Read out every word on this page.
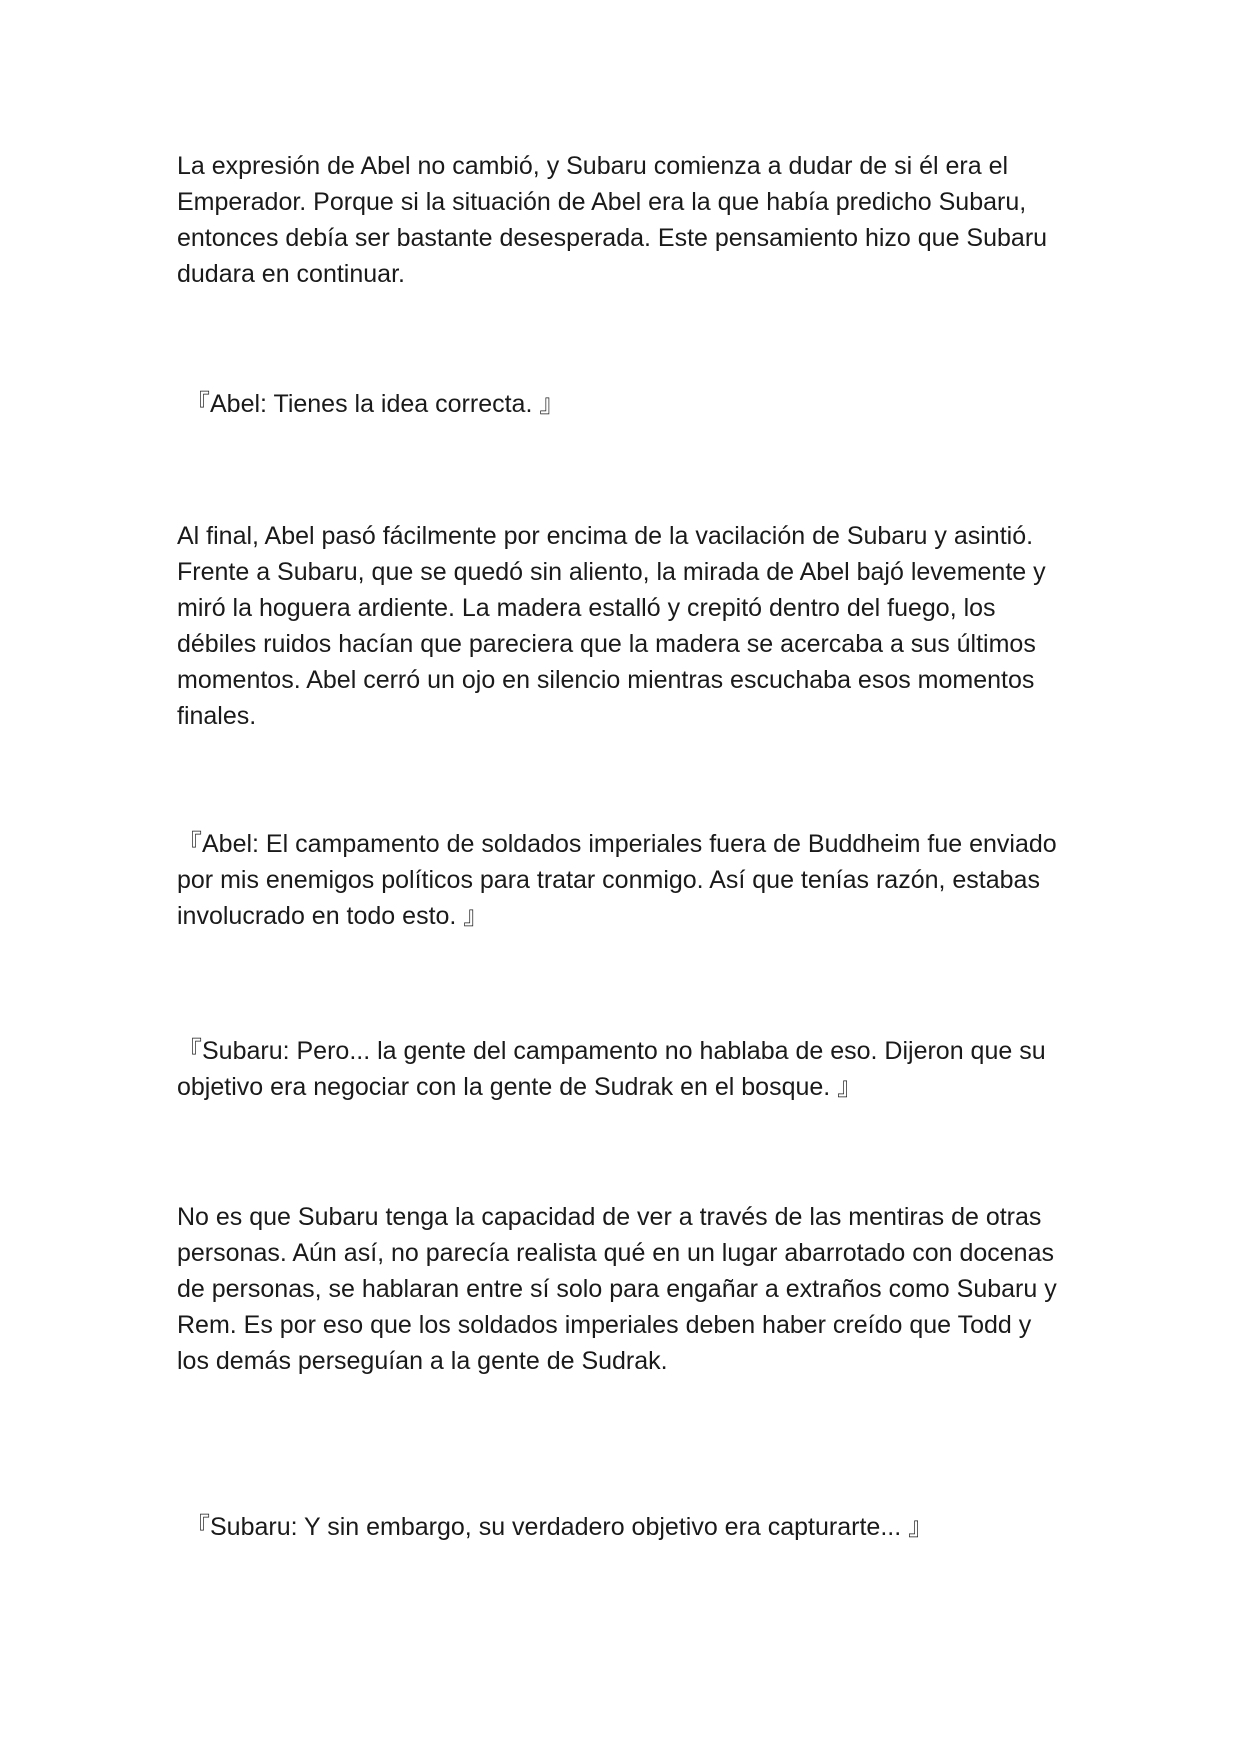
La expresión de Abel no cambió, y Subaru comienza a dudar de si él era el Emperador. Porque si la situación de Abel era la que había predicho Subaru, entonces debía ser bastante desesperada. Este pensamiento hizo que Subaru dudara en continuar.

『Abel: Tienes la idea correcta. 』

Al final, Abel pasó fácilmente por encima de la vacilación de Subaru y asintió. Frente a Subaru, que se quedó sin aliento, la mirada de Abel bajó levemente y miró la hoguera ardiente. La madera estalló y crepitó dentro del fuego, los débiles ruidos hacían que pareciera que la madera se acercaba a sus últimos momentos. Abel cerró un ojo en silencio mientras escuchaba esos momentos finales.

『Abel: El campamento de soldados imperiales fuera de Buddheim fue enviado por mis enemigos políticos para tratar conmigo. Así que tenías razón, estabas involucrado en todo esto. 』

『Subaru: Pero... la gente del campamento no hablaba de eso. Dijeron que su objetivo era negociar con la gente de Sudrak en el bosque. 』

No es que Subaru tenga la capacidad de ver a través de las mentiras de otras personas. Aún así, no parecía realista qué en un lugar abarrotado con docenas de personas, se hablaran entre sí solo para engañar a extraños como Subaru y Rem. Es por eso que los soldados imperiales deben haber creído que Todd y los demás perseguían a la gente de Sudrak.

『Subaru: Y sin embargo, su verdadero objetivo era capturarte... 』
